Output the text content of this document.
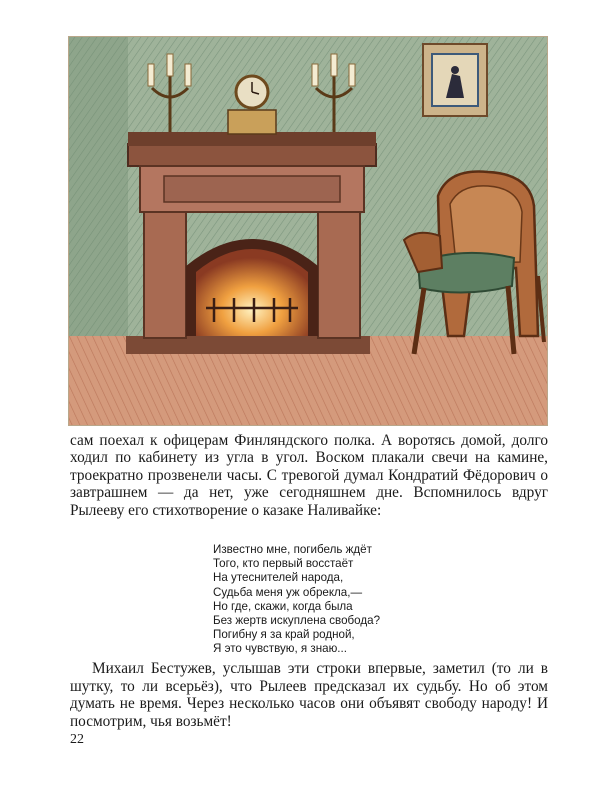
сам поехал к офицерам Финляндского полка. А воротясь домой, долго ходил по кабинету из угла в угол. Воском плакали свечи на камине, троекратно прозвенели часы. С тревогой думал Кондратий Фёдорович о завтрашнем — да нет, уже сегодняшнем дне. Вспомнилось вдруг Рылееву его стихотворение о казаке Наливайке:

Известно мне, погибель ждёт
Того, кто первый восстаёт
На утеснителей народа,
Судьба меня уж обрекла,—
Но где, скажи, когда была
Без жертв искуплена свобода?
Погибну я за край родной,
Я это чувствую, я знаю...

Михаил Бестужев, услышав эти строки впервые, заметил (то ли в шутку, то ли всерьёз), что Рылеев предсказал их судьбу. Но об этом думать не время. Через несколько часов они объявят свободу народу! И посмотрим, чья возьмёт!

22
